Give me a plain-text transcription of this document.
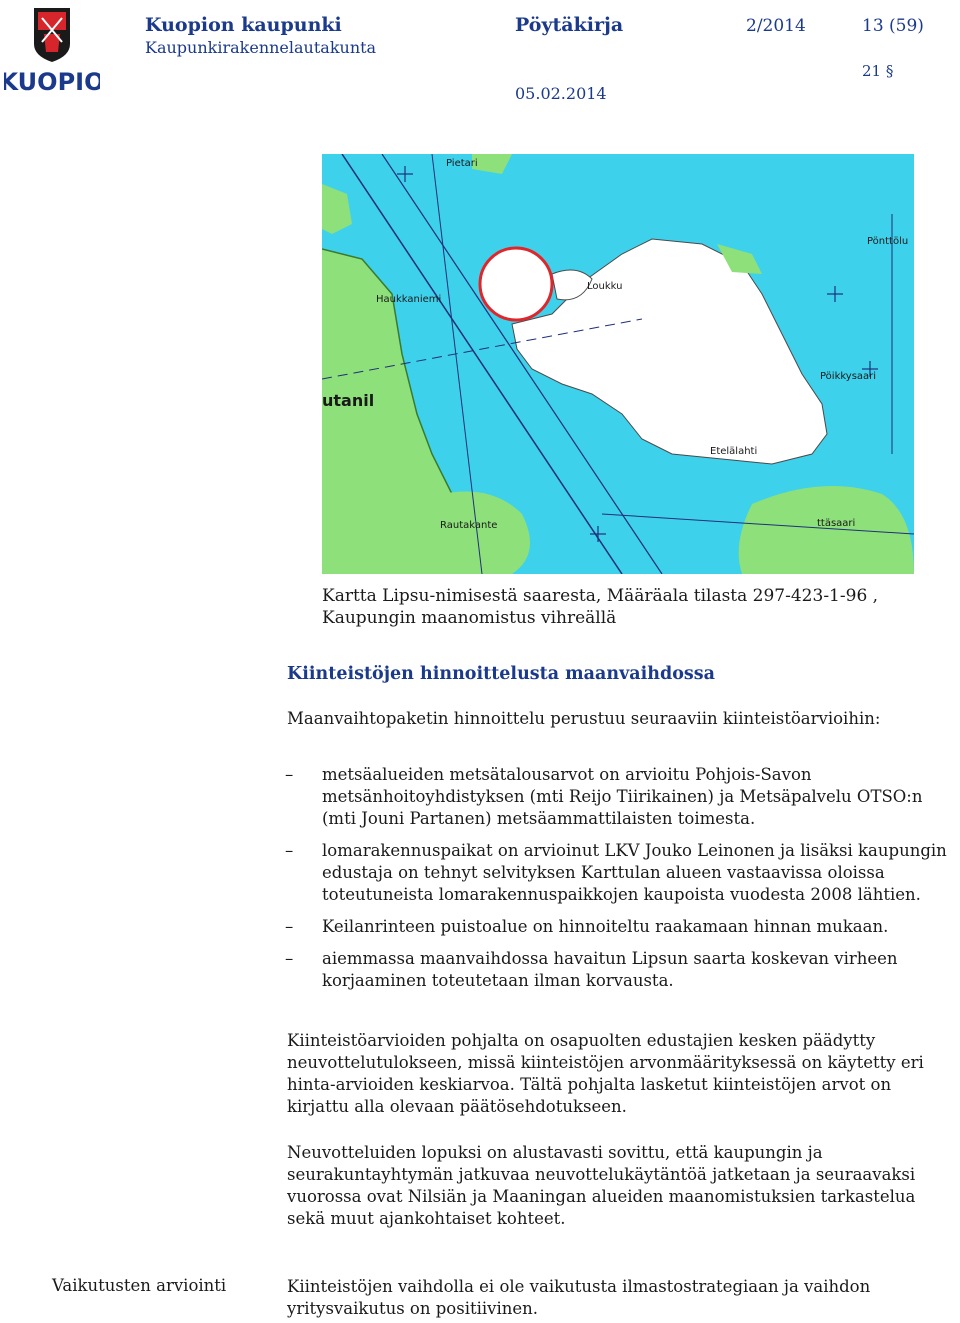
KUOPIO
Kuopion kaupunki
Kaupunkirakennelautakunta
Pöytäkirja	2/2014	13 (59)
21 §
05.02.2014
Pietari
Haukkaniemi
Loukku
Pönttölu
Pöikkysaari
Etelälahti
ttäsaari
Rautakante
utanil
Kartta Lipsu-nimisestä saaresta, Määräala tilasta 297-423-1-96 , Kaupungin maanomistus vihreällä
Kiinteistöjen hinnoittelusta maanvaihdossa
Maanvaihtopaketin hinnoittelu perustuu seuraaviin kiinteistöarvioihin:
– metsäalueiden metsätalousarvot on arvioitu Pohjois-Savon metsänhoitoyhdistyksen (mti Reijo Tiirikainen) ja Metsäpalvelu OTSO:n (mti Jouni Partanen) metsäammattilaisten toimesta.
– lomarakennuspaikat on arvioinut LKV Jouko Leinonen ja lisäksi kaupungin edustaja on tehnyt selvityksen Karttulan alueen vastaavissa oloissa toteutuneista lomarakennuspaikkojen kaupoista vuodesta 2008 lähtien.
– Keilanrinteen puistoalue on hinnoiteltu raakamaan hinnan mukaan.
– aiemmassa maanvaihdossa havaitun Lipsun saarta koskevan virheen korjaaminen toteutetaan ilman korvausta.
Kiinteistöarvioiden pohjalta on osapuolten edustajien kesken päädytty neuvottelutulokseen, missä kiinteistöjen arvonmäärityksessä on käytetty eri hinta-arvioiden keskiarvoa. Tältä pohjalta lasketut kiinteistöjen arvot on kirjattu alla olevaan päätösehdotukseen.
Neuvotteluiden lopuksi on alustavasti sovittu, että kaupungin ja seurakuntayhtymän jatkuvaa neuvottelukäytäntöä jatketaan ja seuraavaksi vuorossa ovat Nilsiän ja Maaningan alueiden maanomistuksien tarkastelua sekä muut ajankohtaiset kohteet.
Vaikutusten arviointi	Kiinteistöjen vaihdolla ei ole vaikutusta ilmastostrategiaan ja vaihdon yritysvaikutus on positiivinen.
